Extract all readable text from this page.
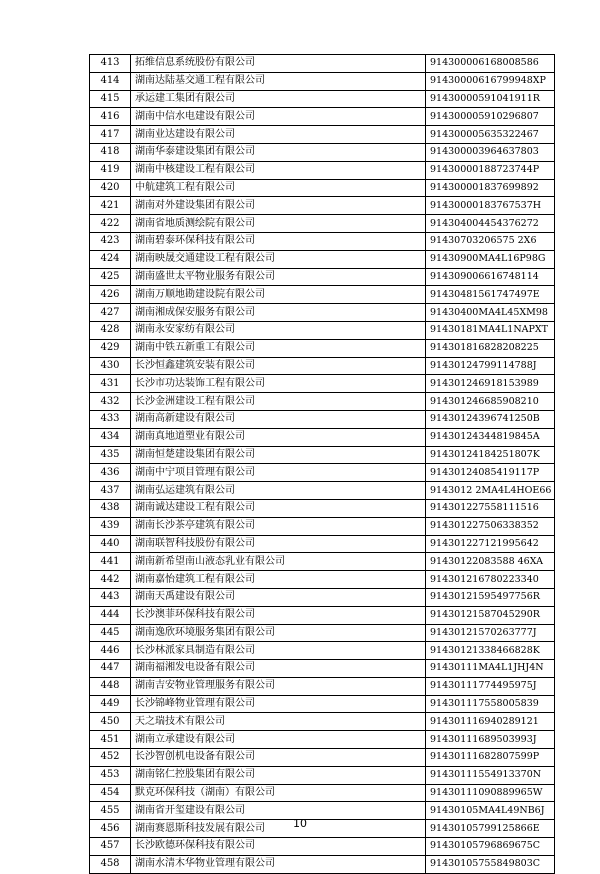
413	拓维信息系统股份有限公司	914300006168008586
414	湖南达陆基交通工程有限公司	91430000616799948XP
415	承运建工集团有限公司	91430000591041911R
416	湖南中信水电建设有限公司	914300005910296807
417	湖南业达建设有限公司	914300005635322467
418	湖南华泰建设集团有限公司	914300003964637803
419	湖南中核建设工程有限公司	91430000188723744P
420	中航建筑工程有限公司	914300001837699892
421	湖南对外建设集团有限公司	91430000183767537H
422	湖南省地质测绘院有限公司	914304004454376272
423	湖南碧泰环保科技有限公司	91430703206575 2X6
424	湖南映晟交通建设工程有限公司	91430900MA4L16P98G
425	湖南盛世太平物业服务有限公司	914309006616748114
426	湖南万顺地勘建设院有限公司	91430481561747497E
427	湖南湘成保安服务有限公司	91430400MA4L45XM98
428	湖南永安家纺有限公司	91430181MA4L1NAPXT
429	湖南中铁五新重工有限公司	914301816828208225
430	长沙恒鑫建筑安装有限公司	91430124799114788J
431	长沙市功达装饰工程有限公司	914301246918153989
432	长沙金洲建设工程有限公司	914301246685908210
433	湖南高新建设有限公司	91430124396741250B
434	湖南真地道塑业有限公司	91430124344819845A
435	湖南恒楚建设集团有限公司	91430124184251807K
436	湖南中宁项目管理有限公司	91430124085419117P
437	湖南弘运建筑有限公司	9143012 2MA4L4HOE66
438	湖南诚达建设工程有限公司	914301227558111516
439	湖南长沙茶亭建筑有限公司	914301227506338352
440	湖南联智科技股份有限公司	914301227121995642
441	湖南新希望南山液态乳业有限公司	91430122083588 46XA
442	湖南嘉怡建筑工程有限公司	914301216780223340
443	湖南天禹建设有限公司	91430121595497756R
444	长沙澳菲环保科技有限公司	91430121587045290R
445	湖南逸欣环境服务集团有限公司	91430121570263777J
446	长沙林派家具制造有限公司	91430121338466828K
447	湖南福湘发电设备有限公司	91430111MA4L1JHJ4N
448	湖南吉安物业管理服务有限公司	91430111774495975J
449	长沙锦峰物业管理有限公司	914301117558005839
450	天之瑞技术有限公司	914301116940289121
451	湖南立承建设有限公司	91430111689503993J
452	长沙智创机电设备有限公司	91430111682807599P
453	湖南铭仁控股集团有限公司	91430111554913370N
454	默克环保科技（湖南）有限公司	91430111090889965W
455	湖南省开玺建设有限公司	91430105MA4L49NB6J
456	湖南赛恩斯科技发展有限公司	91430105799125866E
457	长沙欧德环保科技有限公司	91430105796869675C
458	湖南水清木华物业管理有限公司	91430105755849803C
10
